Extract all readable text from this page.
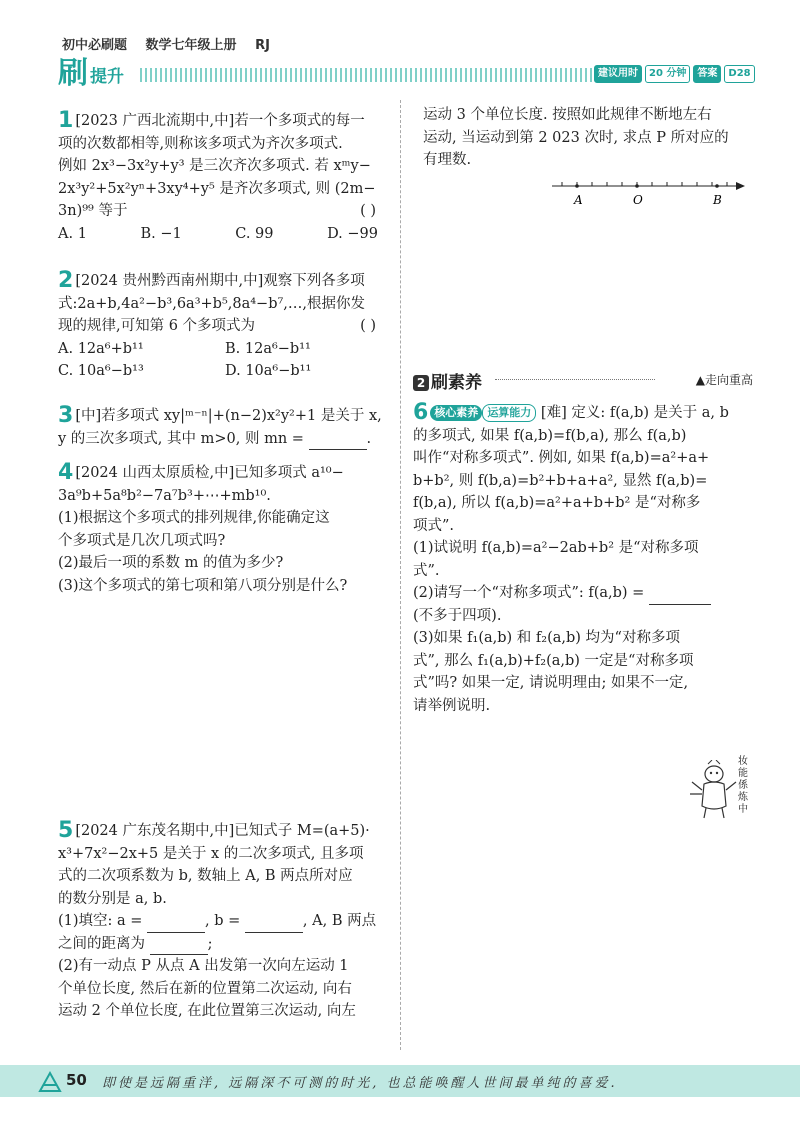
初中必刷题 数学七年级上册 RJ
刷 提升	建议用时	20 分钟	答案	D28
1 [2023 广西北流期中,中]若一个多项式的每一
项的次数都相等,则称该多项式为齐次多项式.
例如 2x³−3x²y+y³ 是三次齐次多项式. 若 xᵐy−
2x³y²+5x²yⁿ+3xy⁴+y⁵ 是齐次多项式, 则 (2m−
3n)⁹⁹ 等于	( )
A. 1	B. −1	C. 99	D. −99
2 [2024 贵州黔西南州期中,中]观察下列各多项
式:2a+b,4a²−b³,6a³+b⁵,8a⁴−b⁷,…,根据你发
现的规律,可知第 6 个多项式为	( )
A. 12a⁶+b¹¹	B. 12a⁶−b¹¹
C. 10a⁶−b¹³	D. 10a⁶−b¹¹
3 [中]若多项式 xy|ᵐ⁻ⁿ|+(n−2)x²y²+1 是关于 x,
y 的三次多项式, 其中 m>0, 则 mn =	.
4 [2024 山西太原质检,中]已知多项式 a¹⁰−
3a⁹b+5a⁸b²−7a⁷b³+⋯+mb¹⁰.
(1)根据这个多项式的排列规律,你能确定这
个多项式是几次几项式吗?
(2)最后一项的系数 m 的值为多少?
(3)这个多项式的第七项和第八项分别是什么?
5 [2024 广东茂名期中,中]已知式子 M=(a+5)·
x³+7x²−2x+5 是关于 x 的二次多项式, 且多项
式的二次项系数为 b, 数轴上 A, B 两点所对应
的数分别是 a, b.
(1)填空: a =	, b =	, A, B 两点
之间的距离为	;
(2)有一动点 P 从点 A 出发第一次向左运动 1
个单位长度, 然后在新的位置第二次运动, 向右
运动 2 个单位长度, 在此位置第三次运动, 向左
运动 3 个单位长度. 按照如此规律不断地左右
运动, 当运动到第 2 023 次时, 求点 P 所对应的
有理数.
A	O	B
2 刷素养	▲走向重高
6 核心素养 运算能力 [难] 定义: f(a,b) 是关于 a, b
的多项式, 如果 f(a,b)=f(b,a), 那么 f(a,b)
叫作“对称多项式”. 例如, 如果 f(a,b)=a²+a+
b+b², 则 f(b,a)=b²+b+a+a², 显然 f(a,b)=
f(b,a), 所以 f(a,b)=a²+a+b+b² 是“对称多
项式”.
(1)试说明 f(a,b)=a²−2ab+b² 是“对称多项
式”.
(2)请写一个“对称多项式”: f(a,b) =
(不多于四项).
(3)如果 f₁(a,b) 和 f₂(a,b) 均为“对称多项
式”, 那么 f₁(a,b)+f₂(a,b) 一定是“对称多项
式”吗? 如果一定, 请说明理由; 如果不一定,
请举例说明.
妆能係炼中
50 即使是远隔重洋, 远隔深不可测的时光, 也总能唤醒人世间最单纯的喜爱.
